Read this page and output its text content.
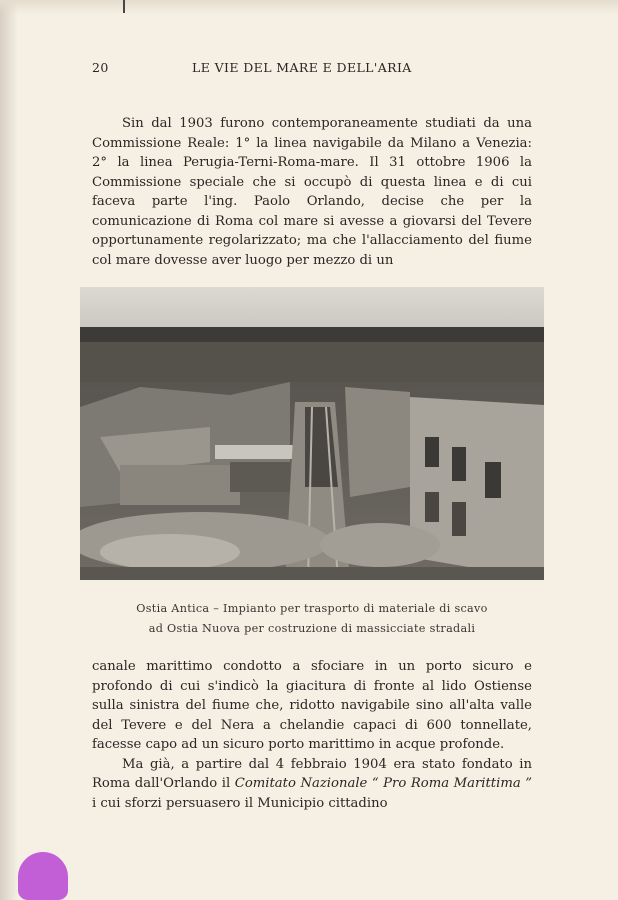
20	LE VIE DEL MARE E DELL'ARIA

Sin dal 1903 furono contemporaneamente studiati da una Commissione Reale: 1° la linea navigabile da Milano a Venezia: 2° la linea Perugia-Terni-Roma-mare. Il 31 ottobre 1906 la Commissione speciale che si occupò di questa linea e di cui faceva parte l'ing. Paolo Orlando, decise che per la comunicazione di Roma col mare si avesse a giovarsi del Tevere opportunamente regolarizzato; ma che l'allacciamento del fiume col mare dovesse aver luogo per mezzo di un

Ostia Antica – Impianto per trasporto di materiale di scavo
ad Ostia Nuova per costruzione di massicciate stradali

canale marittimo condotto a sfociare in un porto sicuro e profondo di cui s'indicò la giacitura di fronte al lido Ostiense sulla sinistra del fiume che, ridotto navigabile sino all'alta valle del Tevere e del Nera a chelandie capaci di 600 tonnellate, facesse capo ad un sicuro porto marittimo in acque profonde.

Ma già, a partire dal 4 febbraio 1904 era stato fondato in Roma dall'Orlando il Comitato Nazionale “ Pro Roma Marittima ” i cui sforzi persuasero il Municipio cittadino
